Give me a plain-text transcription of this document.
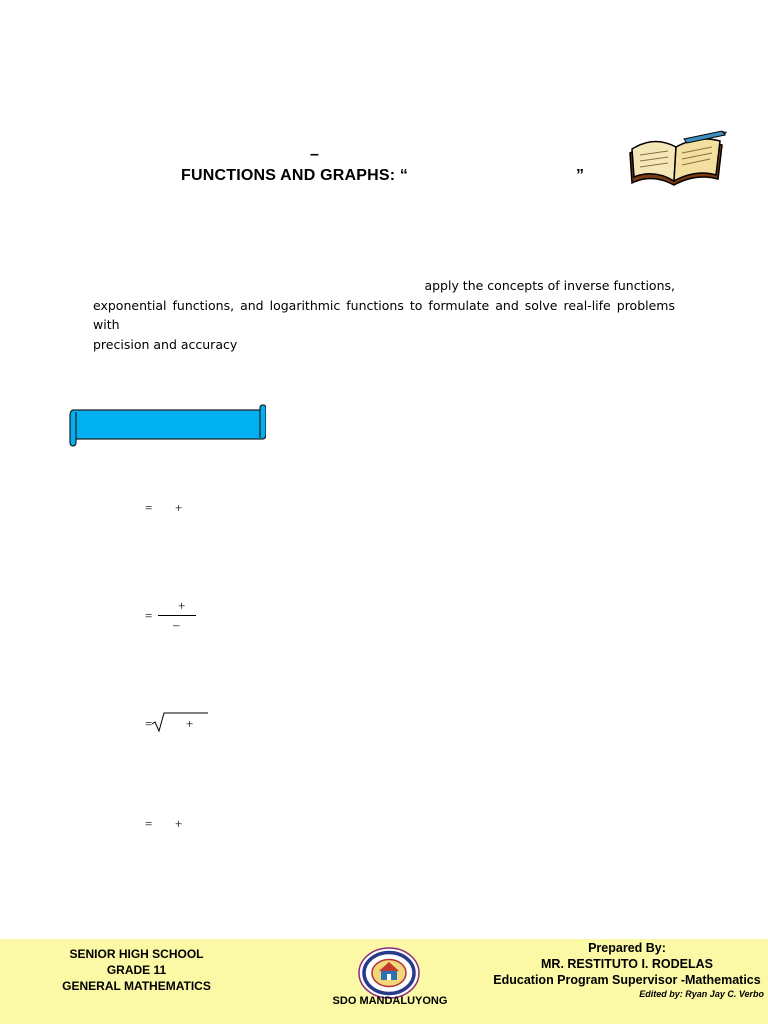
–
FUNCTIONS AND GRAPHS: “	”
apply the concepts of inverse functions,
exponential functions, and logarithmic functions to formulate and solve real-life problems with
precision and accuracy
= +
=
+
–
=	+
= +
SENIOR HIGH SCHOOL
GRADE 11
GENERAL MATHEMATICS
SDO MANDALUYONG
Prepared By:
MR. RESTITUTO I. RODELAS
Education Program Supervisor -Mathematics
Edited by: Ryan Jay C. Verbo
